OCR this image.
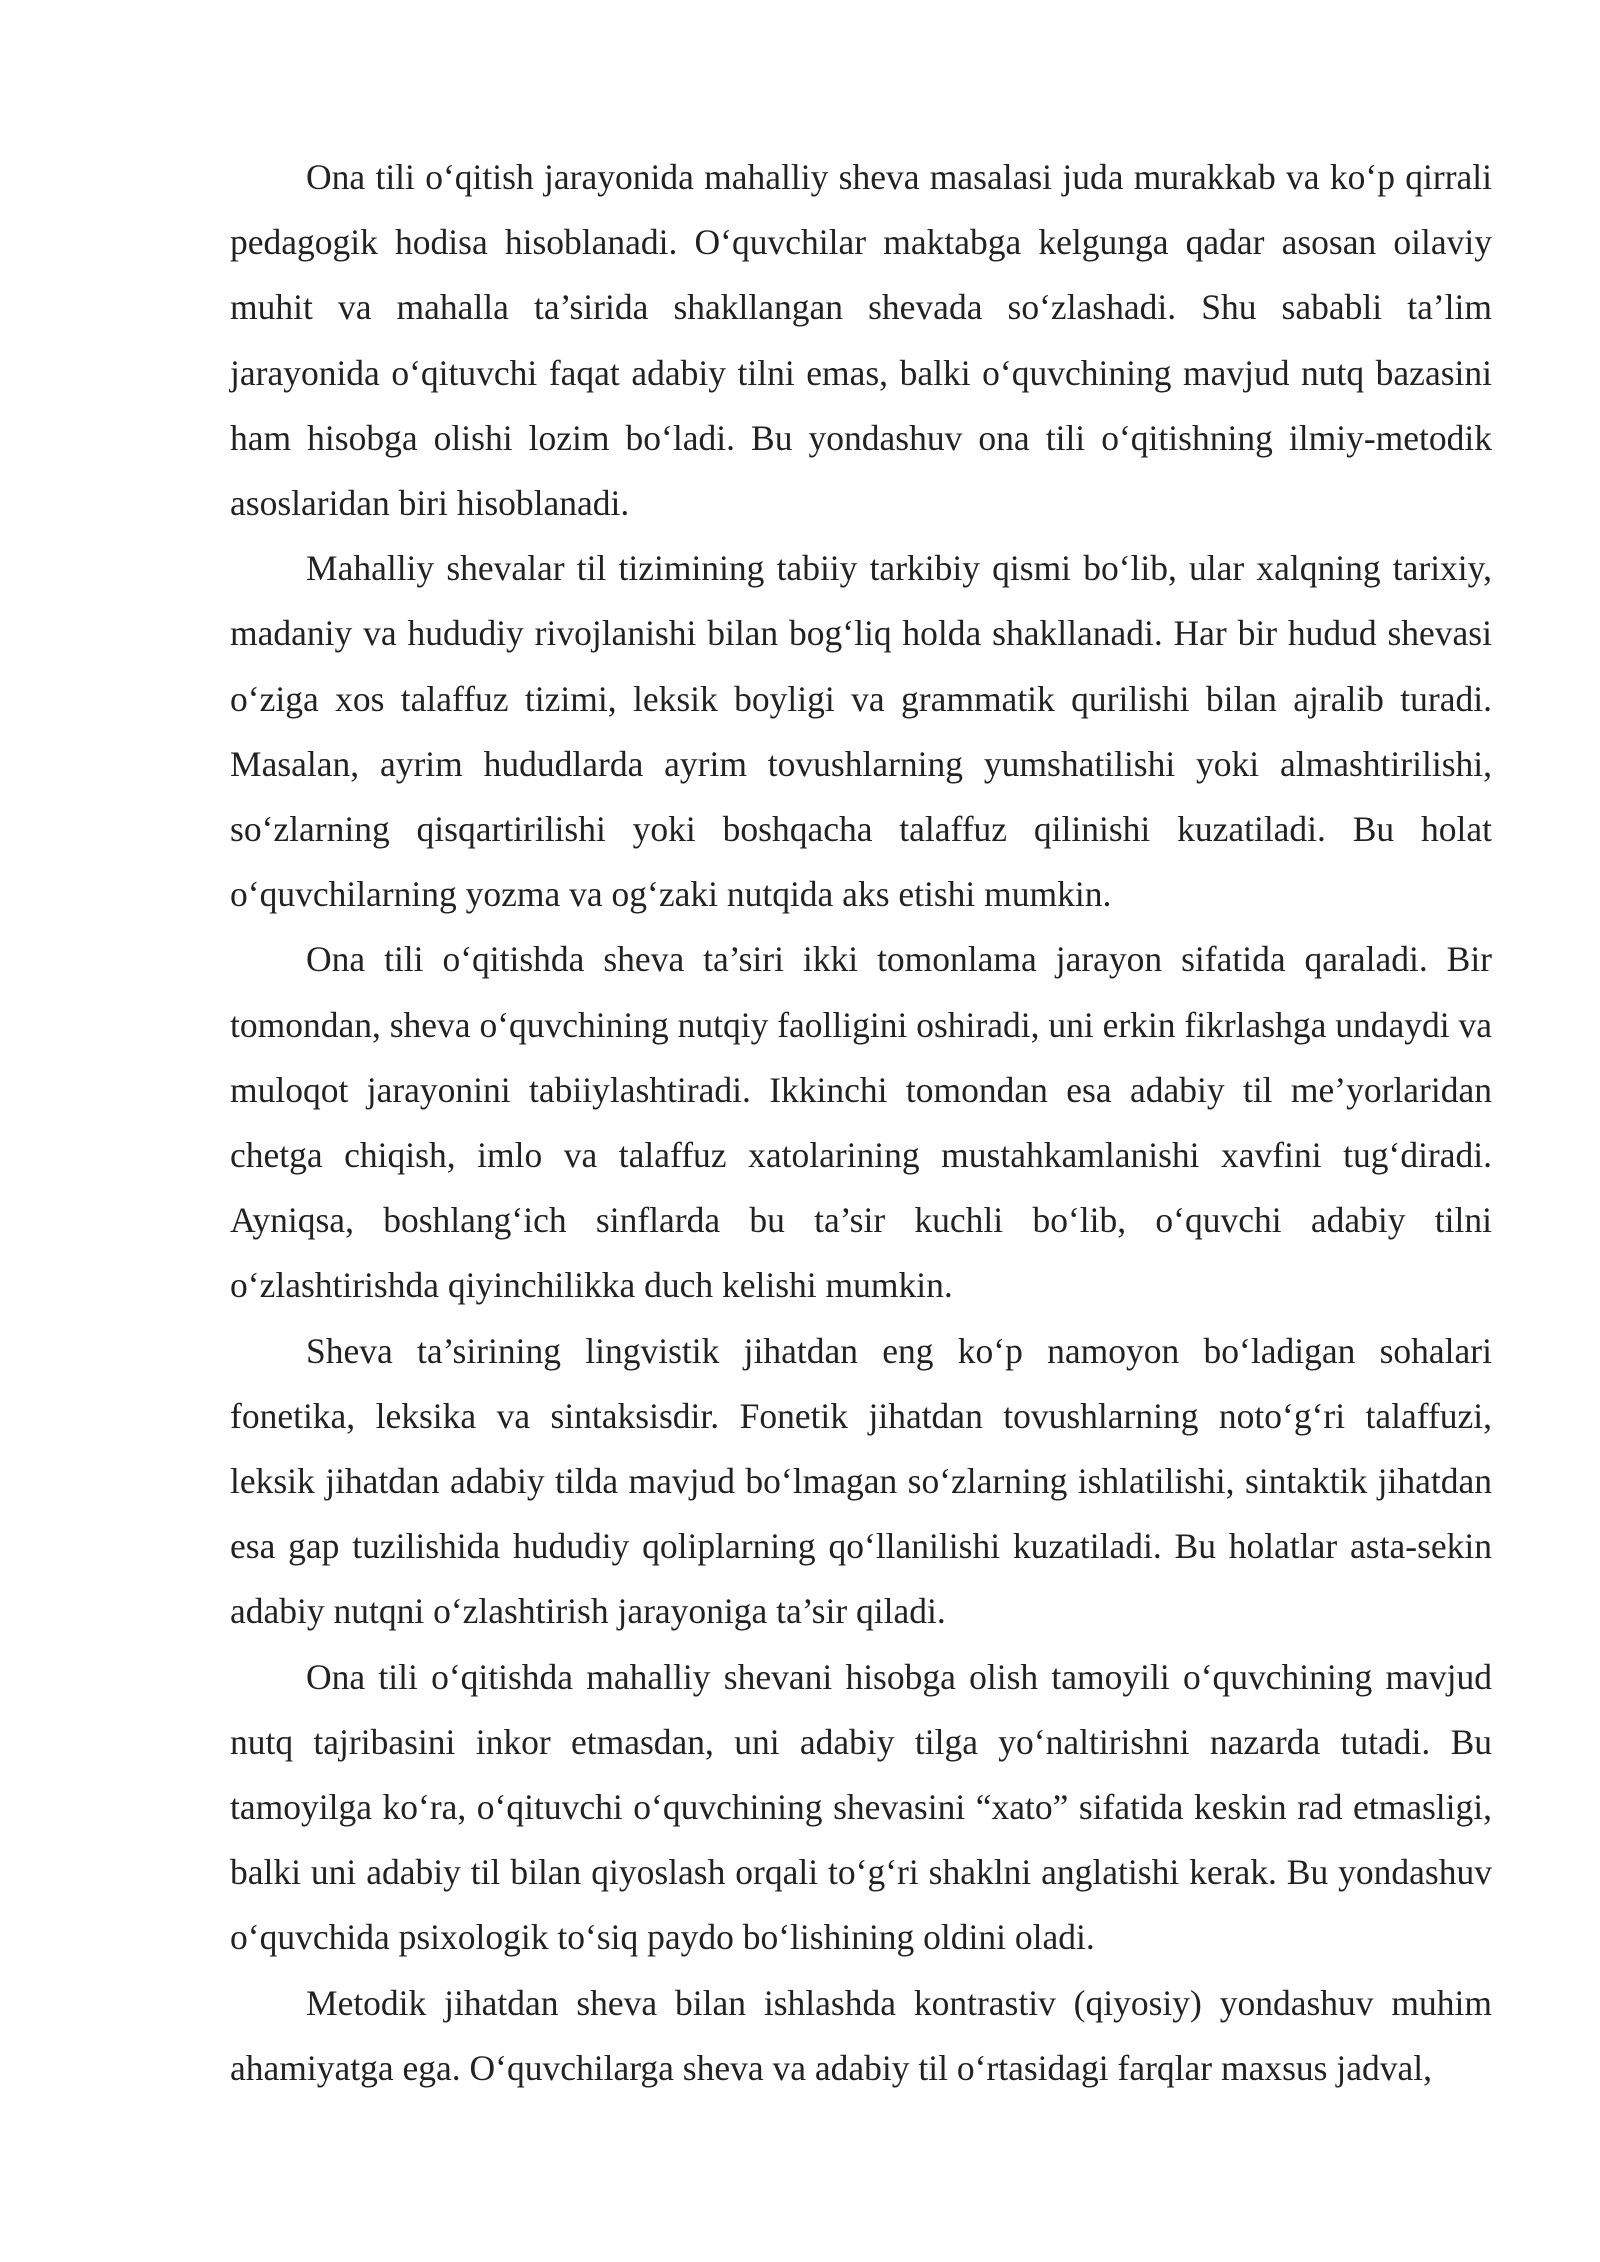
Ona tili o‘qitish jarayonida mahalliy sheva masalasi juda murakkab va ko‘p qirrali pedagogik hodisa hisoblanadi. O‘quvchilar maktabga kelgunga qadar asosan oilaviy muhit va mahalla ta’sirida shakllangan shevada so‘zlashadi. Shu sababli ta’lim jarayonida o‘qituvchi faqat adabiy tilni emas, balki o‘quvchining mavjud nutq bazasini ham hisobga olishi lozim bo‘ladi. Bu yondashuv ona tili o‘qitishning ilmiy-metodik asoslaridan biri hisoblanadi.

Mahalliy shevalar til tizimining tabiiy tarkibiy qismi bo‘lib, ular xalqning tarixiy, madaniy va hududiy rivojlanishi bilan bog‘liq holda shakllanadi. Har bir hudud shevasi o‘ziga xos talaffuz tizimi, leksik boyligi va grammatik qurilishi bilan ajralib turadi. Masalan, ayrim hududlarda ayrim tovushlarning yumshatilishi yoki almashtirilishi, so‘zlarning qisqartirilishi yoki boshqacha talaffuz qilinishi kuzatiladi. Bu holat o‘quvchilarning yozma va og‘zaki nutqida aks etishi mumkin.

Ona tili o‘qitishda sheva ta’siri ikki tomonlama jarayon sifatida qaraladi. Bir tomondan, sheva o‘quvchining nutqiy faolligini oshiradi, uni erkin fikrlashga undaydi va muloqot jarayonini tabiiylashtiradi. Ikkinchi tomondan esa adabiy til me’yorlaridan chetga chiqish, imlo va talaffuz xatolarining mustahkamlanishi xavfini tug‘diradi. Ayniqsa, boshlang‘ich sinflarda bu ta’sir kuchli bo‘lib, o‘quvchi adabiy tilni o‘zlashtirishda qiyinchilikka duch kelishi mumkin.

Sheva ta’sirining lingvistik jihatdan eng ko‘p namoyon bo‘ladigan sohalari fonetika, leksika va sintaksisdir. Fonetik jihatdan tovushlarning noto‘g‘ri talaffuzi, leksik jihatdan adabiy tilda mavjud bo‘lmagan so‘zlarning ishlatilishi, sintaktik jihatdan esa gap tuzilishida hududiy qoliplarning qo‘llanilishi kuzatiladi. Bu holatlar asta-sekin adabiy nutqni o‘zlashtirish jarayoniga ta’sir qiladi.

Ona tili o‘qitishda mahalliy shevani hisobga olish tamoyili o‘quvchining mavjud nutq tajribasini inkor etmasdan, uni adabiy tilga yo‘naltirishni nazarda tutadi. Bu tamoyilga ko‘ra, o‘qituvchi o‘quvchining shevasini “xato” sifatida keskin rad etmasligi, balki uni adabiy til bilan qiyoslash orqali to‘g‘ri shaklni anglatishi kerak. Bu yondashuv o‘quvchida psixologik to‘siq paydo bo‘lishining oldini oladi.

Metodik jihatdan sheva bilan ishlashda kontrastiv (qiyosiy) yondashuv muhim ahamiyatga ega. O‘quvchilarga sheva va adabiy til o‘rtasidagi farqlar maxsus jadval,
